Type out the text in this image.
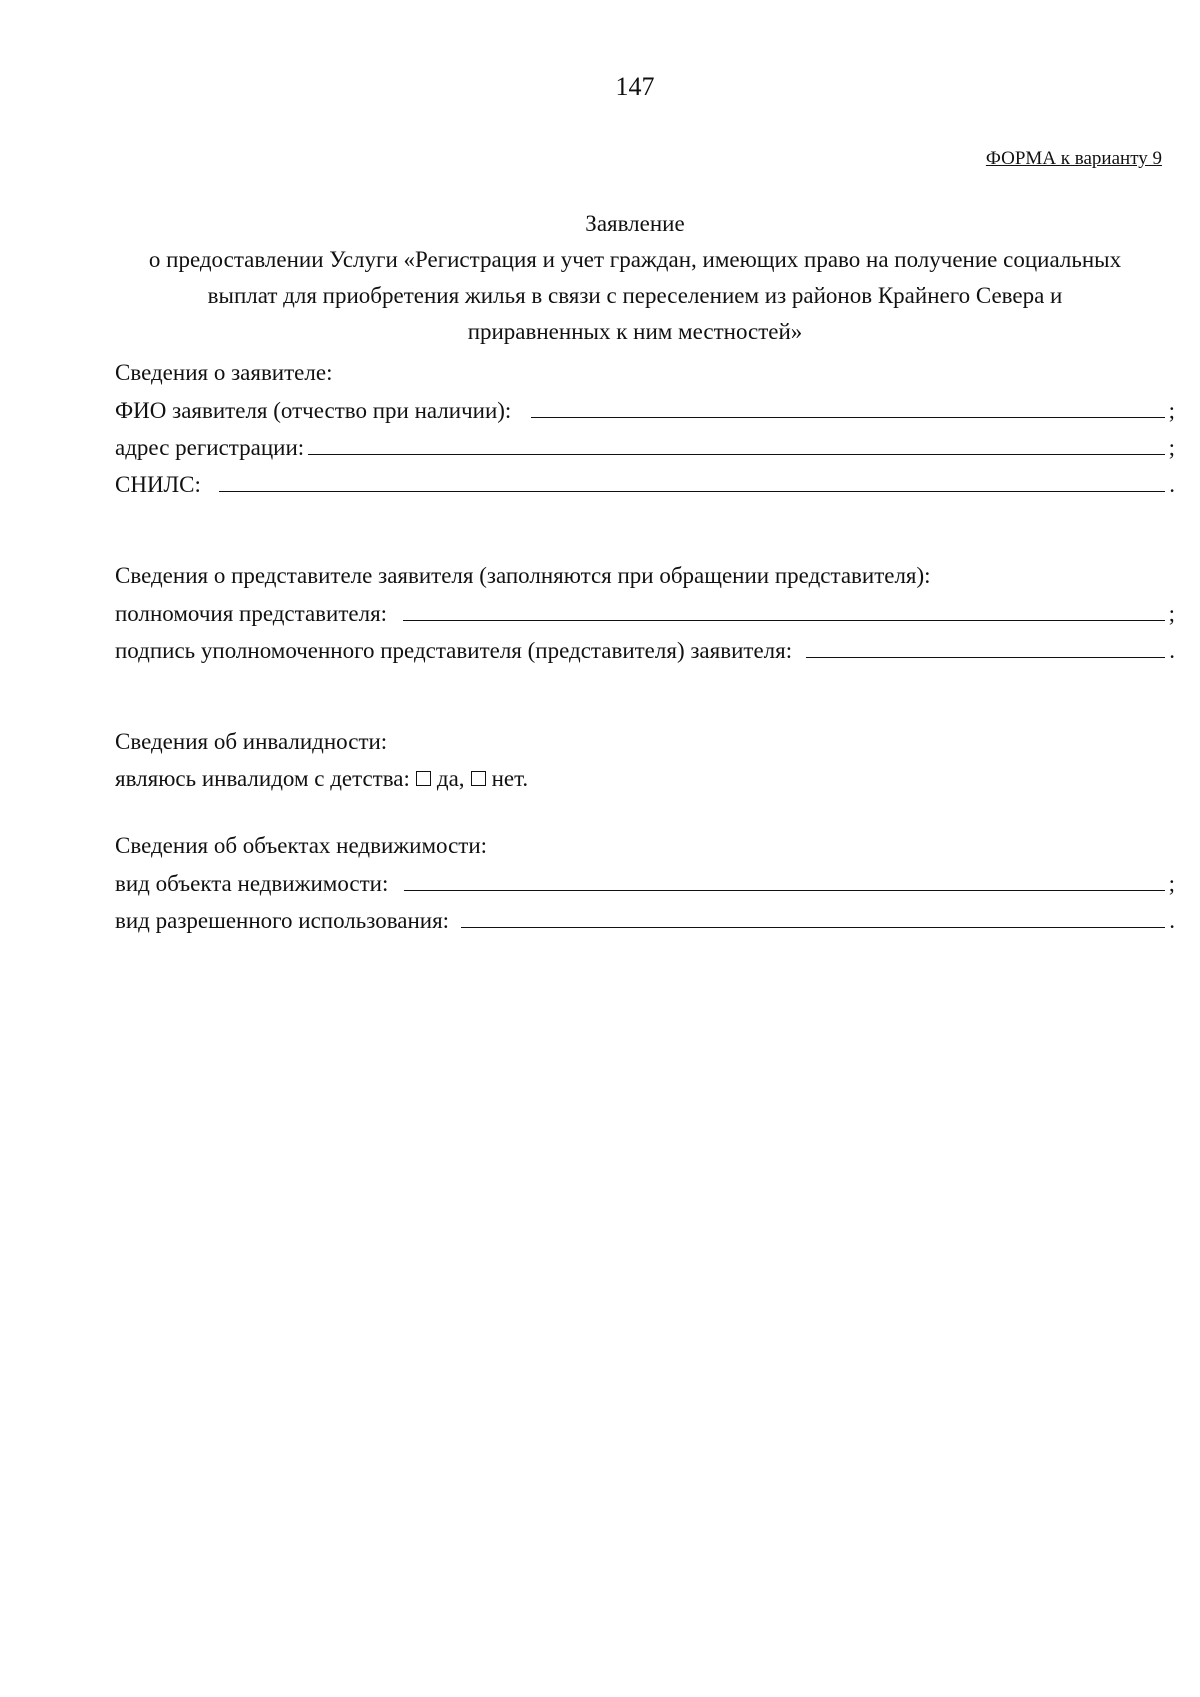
147
ФОРМА к варианту 9
Заявление
о предоставлении Услуги «Регистрация и учет граждан, имеющих право на получение социальных
выплат для приобретения жилья в связи с переселением из районов Крайнего Севера и
приравненных к ним местностей»
Сведения о заявителе:
ФИО заявителя (отчество при наличии):	;
адрес регистрации:	;
СНИЛС:	.
Сведения о представителе заявителя (заполняются при обращении представителя):
полномочия представителя:	;
подпись уполномоченного представителя (представителя) заявителя:	.
Сведения об инвалидности:
являюсь инвалидом с детства: да, нет.
Сведения об объектах недвижимости:
вид объекта недвижимости:	;
вид разрешенного использования:	.
